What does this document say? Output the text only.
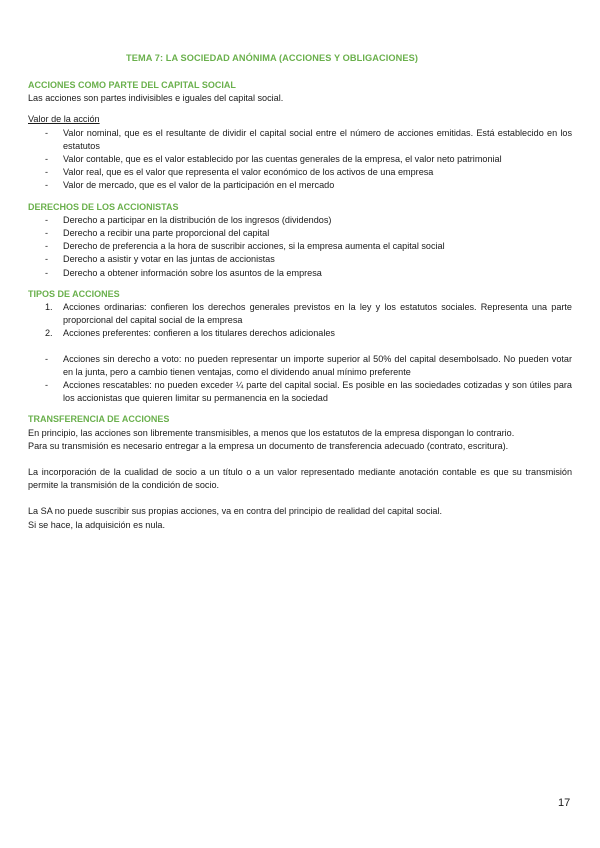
TEMA 7: LA SOCIEDAD ANÓNIMA (ACCIONES Y OBLIGACIONES)
ACCIONES COMO PARTE DEL CAPITAL SOCIAL

Las acciones son partes indivisibles e iguales del capital social.

Valor de la acción
- Valor nominal, que es el resultante de dividir el capital social entre el número de acciones emitidas. Está establecido en los estatutos
- Valor contable, que es el valor establecido por las cuentas generales de la empresa, el valor neto patrimonial
- Valor real, que es el valor que representa el valor económico de los activos de una empresa
- Valor de mercado, que es el valor de la participación en el mercado
DERECHOS DE LOS ACCIONISTAS
- Derecho a participar en la distribución de los ingresos (dividendos)
- Derecho a recibir una parte proporcional del capital
- Derecho de preferencia a la hora de suscribir acciones, si la empresa aumenta el capital social
- Derecho a asistir y votar en las juntas de accionistas
- Derecho a obtener información sobre los asuntos de la empresa
TIPOS DE ACCIONES
1. Acciones ordinarias: confieren los derechos generales previstos en la ley y los estatutos sociales. Representa una parte proporcional del capital social de la empresa
2. Acciones preferentes: confieren a los titulares derechos adicionales
- Acciones sin derecho a voto: no pueden representar un importe superior al 50% del capital desembolsado. No pueden votar en la junta, pero a cambio tienen ventajas, como el dividendo anual mínimo preferente
- Acciones rescatables: no pueden exceder ¼ parte del capital social. Es posible en las sociedades cotizadas y son útiles para los accionistas que quieren limitar su permanencia en la sociedad
TRANSFERENCIA DE ACCIONES
En principio, las acciones son libremente transmisibles, a menos que los estatutos de la empresa dispongan lo contrario.
Para su transmisión es necesario entregar a la empresa un documento de transferencia adecuado (contrato, escritura).

La incorporación de la cualidad de socio a un título o a un valor representado mediante anotación contable es que su transmisión permite la transmisión de la condición de socio.

La SA no puede suscribir sus propias acciones, va en contra del principio de realidad del capital social.
Si se hace, la adquisición es nula.
17
